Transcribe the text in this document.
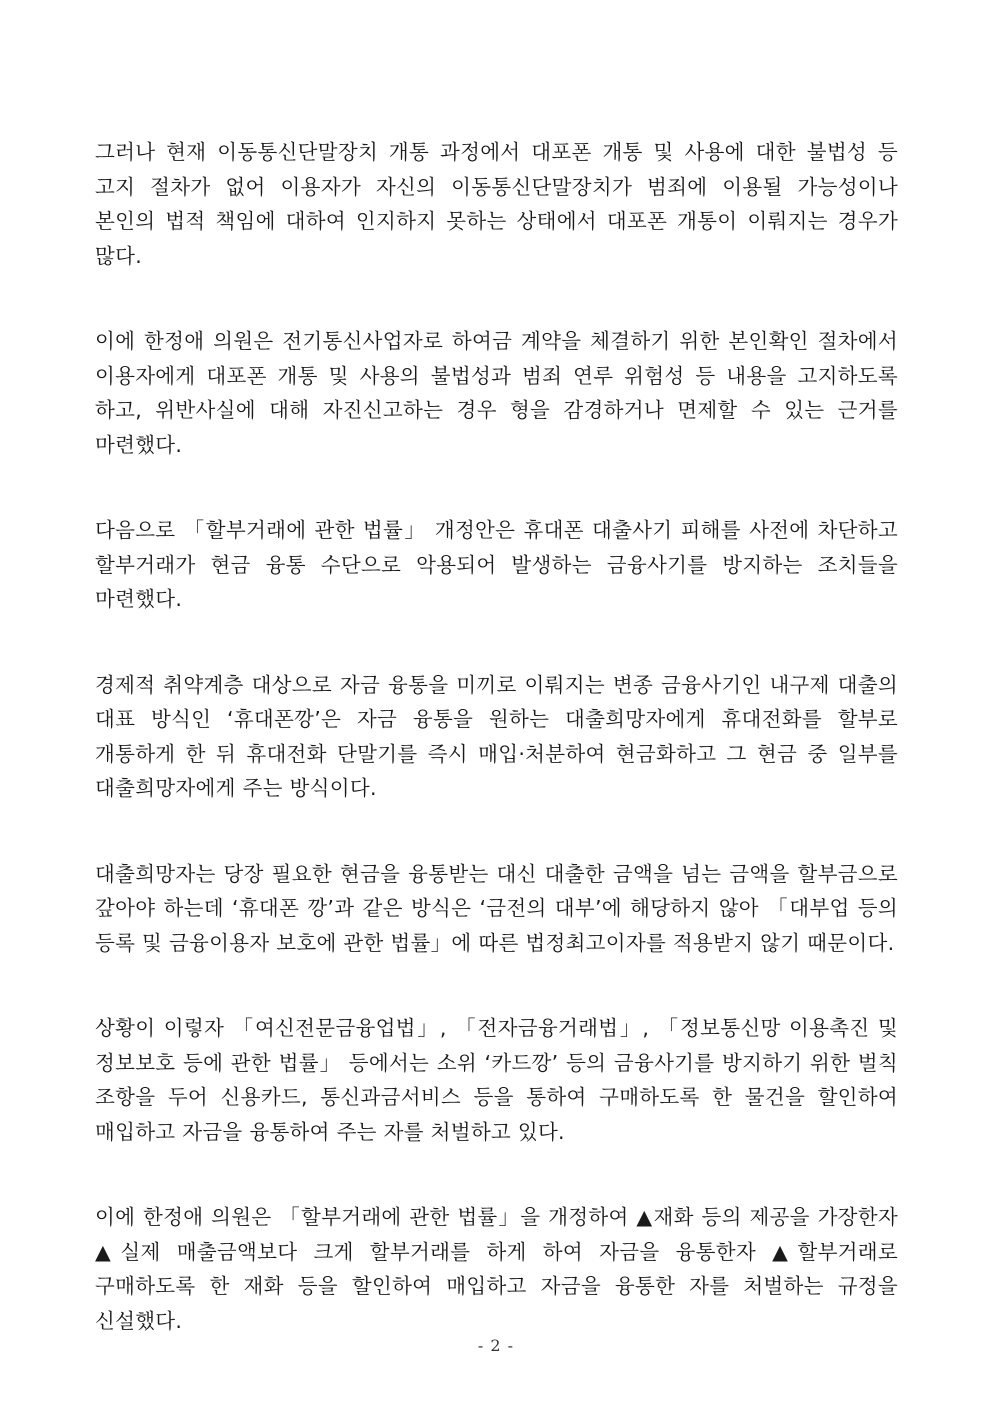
그러나 현재 이동통신단말장치 개통 과정에서 대포폰 개통 및 사용에 대한 불법성 등 고지 절차가 없어 이용자가 자신의 이동통신단말장치가 범죄에 이용될 가능성이나 본인의 법적 책임에 대하여 인지하지 못하는 상태에서 대포폰 개통이 이뤄지는 경우가 많다.

이에 한정애 의원은 전기통신사업자로 하여금 계약을 체결하기 위한 본인확인 절차에서 이용자에게 대포폰 개통 및 사용의 불법성과 범죄 연루 위험성 등 내용을 고지하도록 하고, 위반사실에 대해 자진신고하는 경우 형을 감경하거나 면제할 수 있는 근거를 마련했다.

다음으로 「할부거래에 관한 법률」 개정안은 휴대폰 대출사기 피해를 사전에 차단하고 할부거래가 현금 융통 수단으로 악용되어 발생하는 금융사기를 방지하는 조치들을 마련했다.

경제적 취약계층 대상으로 자금 융통을 미끼로 이뤄지는 변종 금융사기인 내구제 대출의 대표 방식인 ‘휴대폰깡’은 자금 융통을 원하는 대출희망자에게 휴대전화를 할부로 개통하게 한 뒤 휴대전화 단말기를 즉시 매입·처분하여 현금화하고 그 현금 중 일부를 대출희망자에게 주는 방식이다.

대출희망자는 당장 필요한 현금을 융통받는 대신 대출한 금액을 넘는 금액을 할부금으로 갚아야 하는데 ‘휴대폰 깡’과 같은 방식은 ‘금전의 대부’에 해당하지 않아 「대부업 등의 등록 및 금융이용자 보호에 관한 법률」에 따른 법정최고이자를 적용받지 않기 때문이다.

상황이 이렇자 「여신전문금융업법」, 「전자금융거래법」, 「정보통신망 이용촉진 및 정보보호 등에 관한 법률」 등에서는 소위 ‘카드깡’ 등의 금융사기를 방지하기 위한 벌칙 조항을 두어 신용카드, 통신과금서비스 등을 통하여 구매하도록 한 물건을 할인하여 매입하고 자금을 융통하여 주는 자를 처벌하고 있다.

이에 한정애 의원은 「할부거래에 관한 법률」을 개정하여 ▲재화 등의 제공을 가장한자 ▲실제 매출금액보다 크게 할부거래를 하게 하여 자금을 융통한자 ▲할부거래로 구매하도록 한 재화 등을 할인하여 매입하고 자금을 융통한 자를 처벌하는 규정을 신설했다.

- 2 -
